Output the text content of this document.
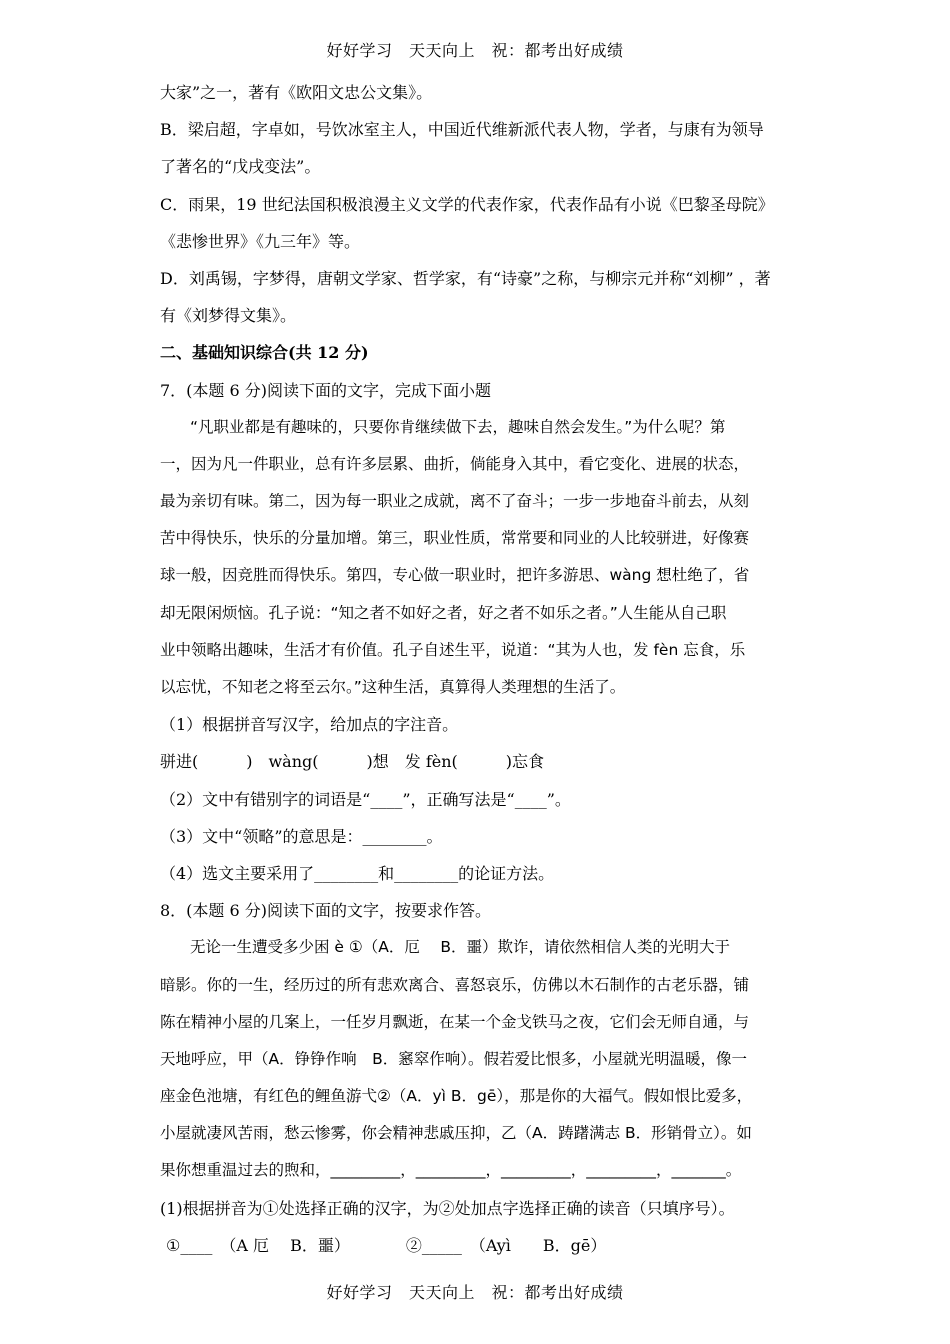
好好学习　天天向上　祝：都考出好成绩
大家”之一，著有《欧阳文忠公文集》。
B．梁启超，字卓如，号饮冰室主人，中国近代维新派代表人物，学者，与康有为领导
了著名的“戊戌变法”。
C．雨果，19 世纪法国积极浪漫主义文学的代表作家，代表作品有小说《巴黎圣母院》
《悲惨世界》《九三年》等。
D．刘禹锡，字梦得，唐朝文学家、哲学家，有“诗豪”之称，与柳宗元并称“刘柳” ，著
有《刘梦得文集》。
二、基础知识综合(共 12 分)
7．(本题 6 分)阅读下面的文字，完成下面小题
“凡职业都是有趣味的，只要你肯继续做下去，趣味自然会发生。”为什么呢？第
一，因为凡一件职业，总有许多层累、曲折，倘能身入其中，看它变化、进展的状态，
最为亲切有味。第二，因为每一职业之成就，离不了奋斗；一步一步地奋斗前去，从刻
苦中得快乐，快乐的分量加增。第三，职业性质，常常要和同业的人比较骈进，好像赛
球一般，因竞胜而得快乐。第四，专心做一职业时，把许多游思、wàng 想杜绝了，省
却无限闲烦恼。孔子说：“知之者不如好之者，好之者不如乐之者。”人生能从自己职
业中领略出趣味，生活才有价值。孔子自述生平，说道：“其为人也，发 fèn 忘食，乐
以忘忧，不知老之将至云尔。”这种生活，真算得人类理想的生活了。
（1）根据拼音写汉字，给加点的字注音。
骈进(　　　)　wàng(　　　)想　发 fèn(　　　)忘食
（2）文中有错别字的词语是“____”，正确写法是“____”。
（3）文中“领略”的意思是：________。
（4）选文主要采用了________和________的论证方法。
8．(本题 6 分)阅读下面的文字，按要求作答。
无论一生遭受多少困 è ①（A．厄　 B．噩）欺诈，请依然相信人类的光明大于
暗影。你的一生，经历过的所有悲欢离合、喜怒哀乐，仿佛以木石制作的古老乐器，铺
陈在精神小屋的几案上，一任岁月飘逝，在某一个金戈铁马之夜，它们会无师自通，与
天地呼应，甲（A．铮铮作响　B．窸窣作响）。假若爱比恨多，小屋就光明温暖，像一
座金色池塘，有红色的鲤鱼游弋②（A．yì B．gē），那是你的大福气。假如恨比爱多，
小屋就凄风苦雨，愁云惨雾，你会精神悲戚压抑，乙（A．踌躇满志 B．形销骨立）。如
果你想重温过去的煦和，_________，_________，_________，_________，_______。
(1)根据拼音为①处选择正确的汉字，为②处加点字选择正确的读音（只填序号）。
①____　（A 厄　 B．噩）　　　　②_____　（Ayì　　B．gē）
好好学习　天天向上　祝：都考出好成绩
